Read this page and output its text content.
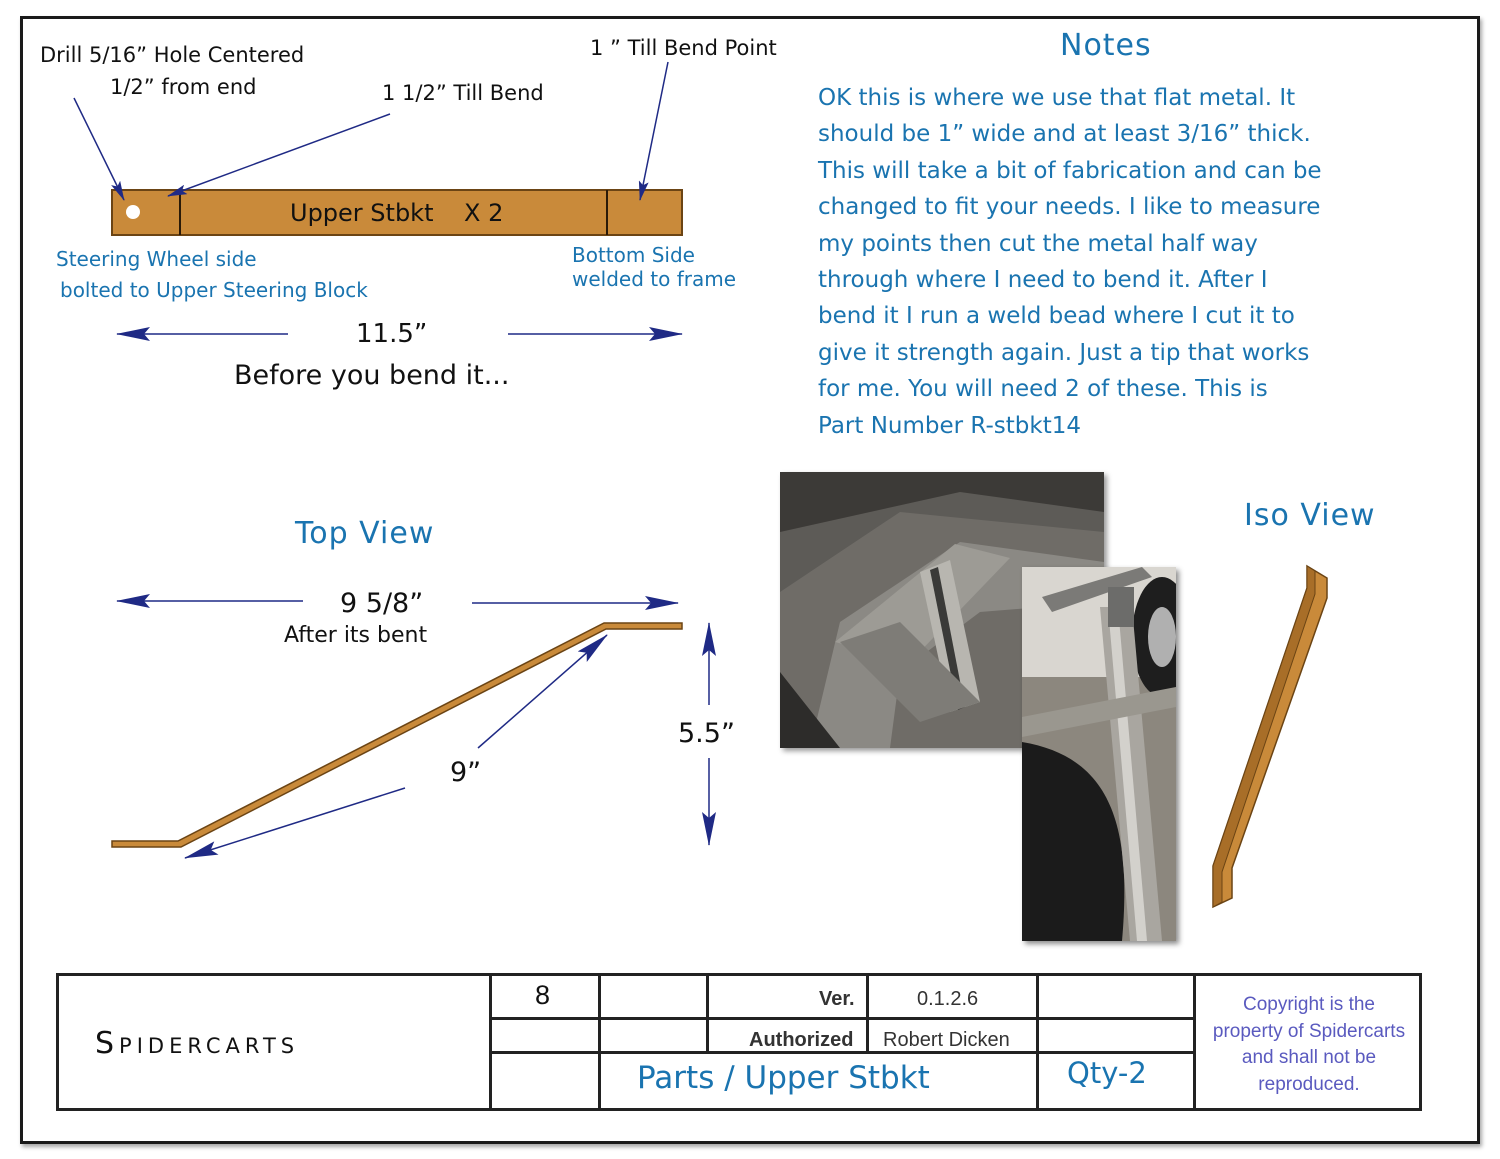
Upper Stbkt    X 2
Drill 5/16” Hole Centered
1/2” from end	1 1/2” Till Bend
1 ” Till Bend Point
Steering Wheel side
bolted to Upper Steering Block
Bottom Side
welded to frame
11.5”
Before you bend it...
Top View
9 5/8”
After its bent
9”
5.5”
Iso View
Notes
OK this is where we use that flat metal. It
should be 1” wide and at least 3/16” thick.
This will take a bit of fabrication and can be
changed to fit your needs. I like to measure
my points then cut the metal half way
through where I need to bend it. After I
bend it I run a weld bead where I cut it to
give it strength again. Just a tip that works
for me. You will need 2 of these. This is
Part Number R-stbkt14
Spidercarts
8	Ver.	0.1.2.6
Authorized Robert Dicken
Parts / Upper Stbkt	Qty-2
Copyright is the
property of Spidercarts
and shall not be
reproduced.
